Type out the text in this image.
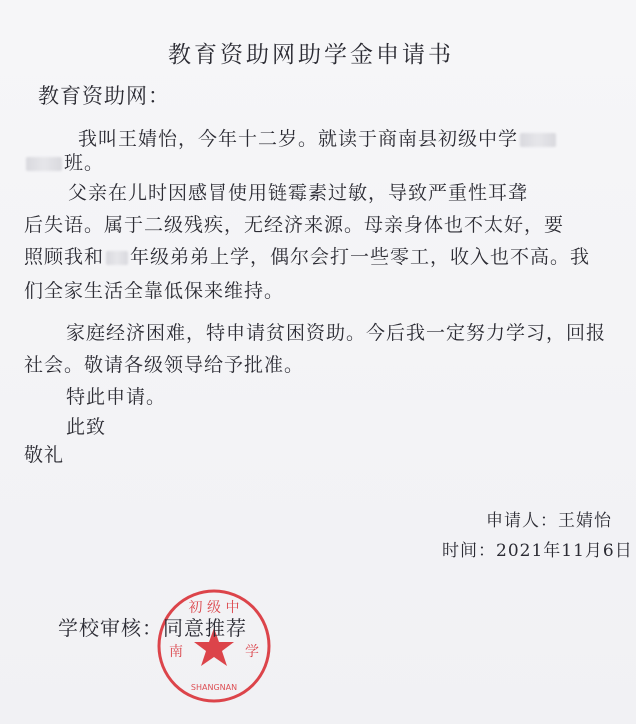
教育资助网助学金申请书
教育资助网：
我叫王婧怡，今年十二岁。就读于商南县初级中学
班。
父亲在儿时因感冒使用链霉素过敏，导致严重性耳聋
后失语。属于二级残疾，无经济来源。母亲身体也不太好，要
照顾我和 年级弟弟上学，偶尔会打一些零工，收入也不高。我
们全家生活全靠低保来维持。
家庭经济困难，特申请贫困资助。今后我一定努力学习，回报
社会。敬请各级领导给予批准。
特此申请。
此致
敬礼
申请人：王婧怡
时间：2021年11月6日
初 级 中
南	学
SHANGNAN
学校审核：同意推荐
